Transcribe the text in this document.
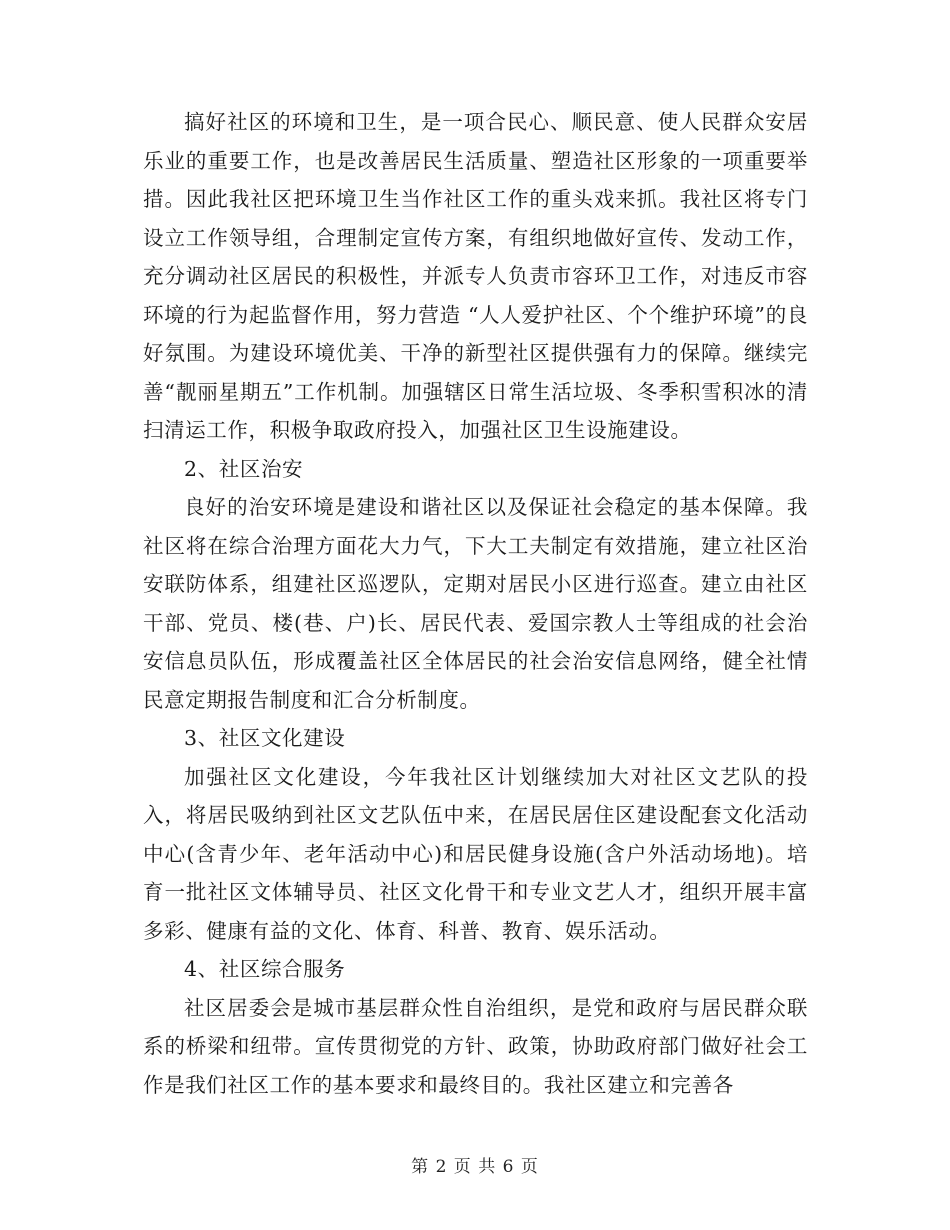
搞好社区的环境和卫生，是一项合民心、顺民意、使人民群众安居乐业的重要工作，也是改善居民生活质量、塑造社区形象的一项重要举措。因此我社区把环境卫生当作社区工作的重头戏来抓。我社区将专门设立工作领导组，合理制定宣传方案，有组织地做好宣传、发动工作，充分调动社区居民的积极性，并派专人负责市容环卫工作，对违反市容环境的行为起监督作用，努力营造 “人人爱护社区、个个维护环境”的良好氛围。为建设环境优美、干净的新型社区提供强有力的保障。继续完善“靓丽星期五”工作机制。加强辖区日常生活垃圾、冬季积雪积冰的清扫清运工作，积极争取政府投入，加强社区卫生设施建设。

2、社区治安

良好的治安环境是建设和谐社区以及保证社会稳定的基本保障。我社区将在综合治理方面花大力气，下大工夫制定有效措施，建立社区治安联防体系，组建社区巡逻队，定期对居民小区进行巡查。建立由社区干部、党员、楼(巷、户)长、居民代表、爱国宗教人士等组成的社会治安信息员队伍，形成覆盖社区全体居民的社会治安信息网络，健全社情民意定期报告制度和汇合分析制度。

3、社区文化建设

加强社区文化建设，今年我社区计划继续加大对社区文艺队的投入，将居民吸纳到社区文艺队伍中来，在居民居住区建设配套文化活动中心(含青少年、老年活动中心)和居民健身设施(含户外活动场地)。培育一批社区文体辅导员、社区文化骨干和专业文艺人才，组织开展丰富多彩、健康有益的文化、体育、科普、教育、娱乐活动。

4、社区综合服务

社区居委会是城市基层群众性自治组织，是党和政府与居民群众联系的桥梁和纽带。宣传贯彻党的方针、政策，协助政府部门做好社会工作是我们社区工作的基本要求和最终目的。我社区建立和完善各

第 2 页 共 6 页
